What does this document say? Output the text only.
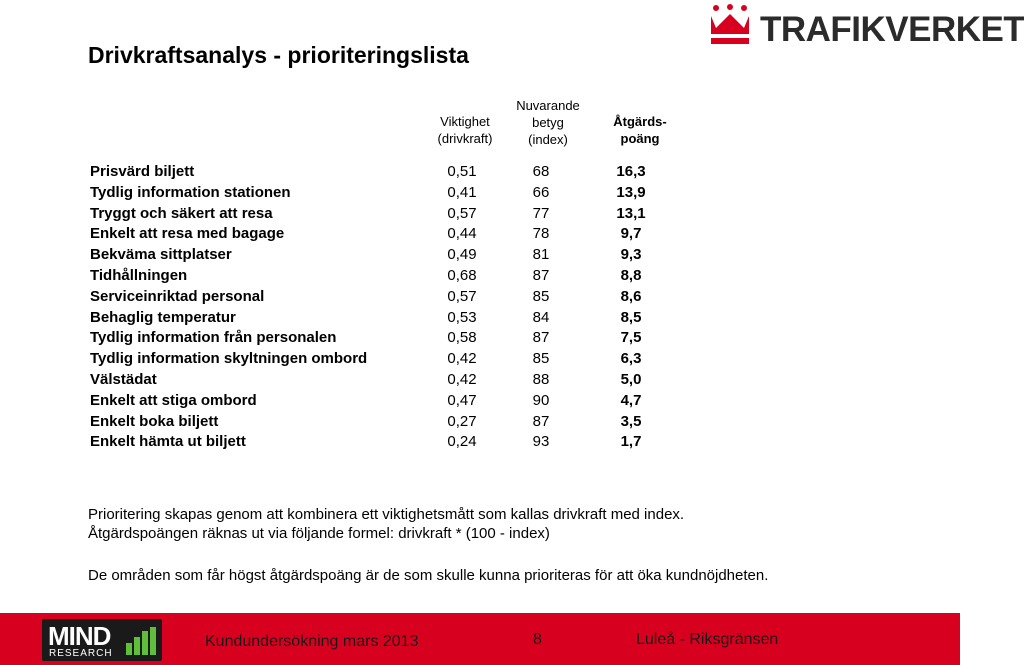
TRAFIKVERKET
Drivkraftsanalys - prioriteringslista
Viktighet
(drivkraft)
Nuvarande
betyg
(index)
Åtgärds-
poäng
Prisvärd biljett	0,51	68	16,3
Tydlig information stationen	0,41	66	13,9
Tryggt och säkert att resa	0,57	77	13,1
Enkelt att resa med bagage	0,44	78	9,7
Bekväma sittplatser	0,49	81	9,3
Tidhållningen	0,68	87	8,8
Serviceinriktad personal	0,57	85	8,6
Behaglig temperatur	0,53	84	8,5
Tydlig information från personalen	0,58	87	7,5
Tydlig information skyltningen ombord	0,42	85	6,3
Välstädat	0,42	88	5,0
Enkelt att stiga ombord	0,47	90	4,7
Enkelt boka biljett	0,27	87	3,5
Enkelt hämta ut biljett	0,24	93	1,7
Prioritering skapas genom att kombinera ett viktighetsmått som kallas drivkraft med index.
Åtgärdspoängen räknas ut via följande formel: drivkraft * (100 - index)
De områden som får högst åtgärdspoäng är de som skulle kunna prioriteras för att öka kundnöjdheten.
MIND
RESEARCH
Kundundersökning mars 2013	8	Luleå - Riksgränsen
